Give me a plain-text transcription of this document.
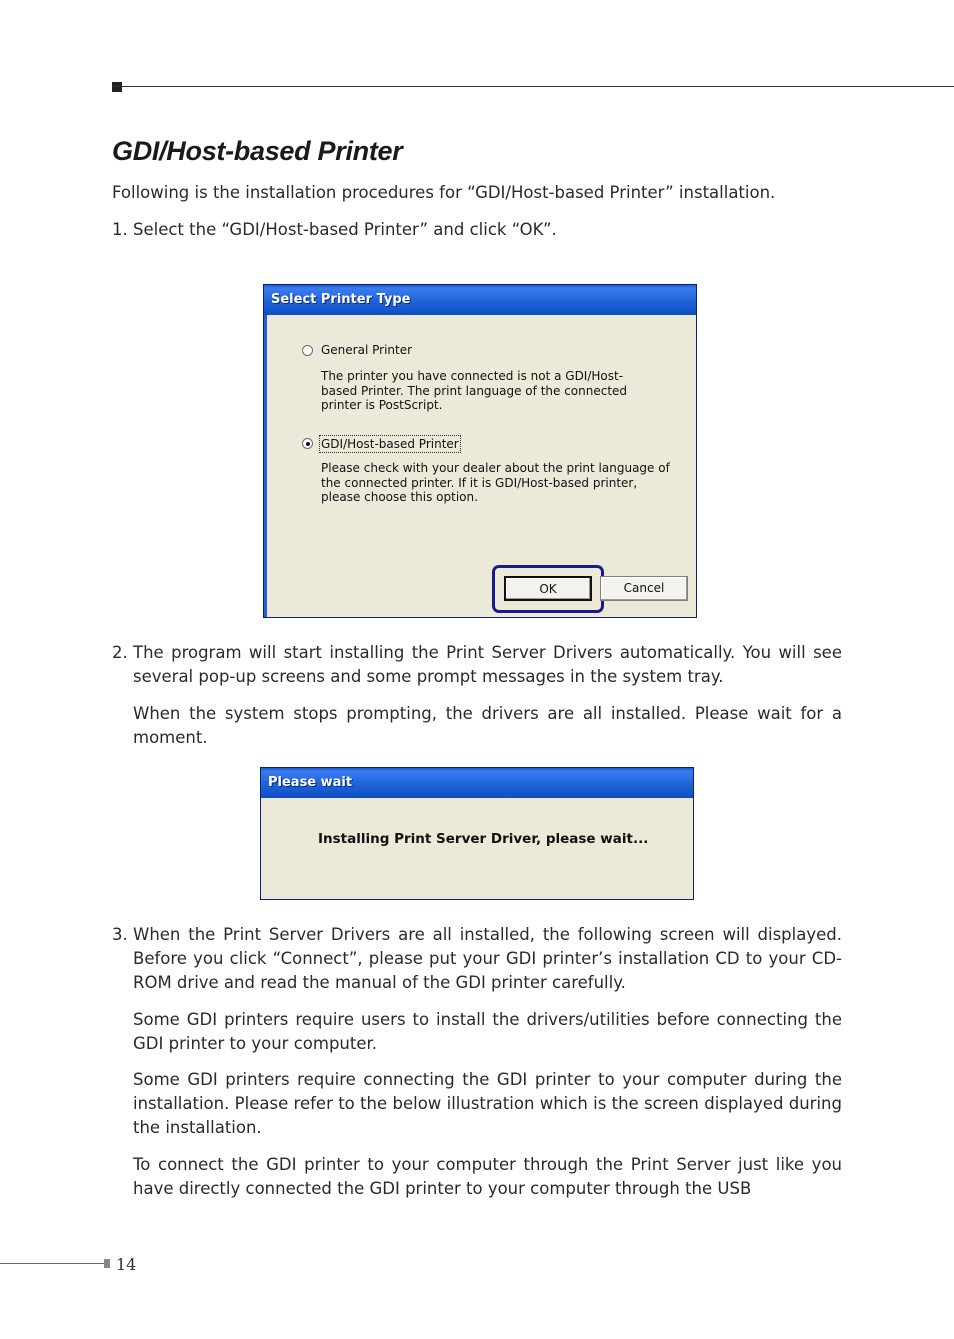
GDI/Host-based Printer

Following is the installation procedures for “GDI/Host-based Printer” installation.

1. Select the “GDI/Host-based Printer” and click “OK”.

Select Printer Type

General Printer

The printer you have connected is not a GDI/Host-based Printer. The print language of the connected printer is PostScript.

GDI/Host-based Printer

Please check with your dealer about the print language of the connected printer. If it is GDI/Host-based printer, please choose this option.

OK	Cancel
2. The program will start installing the Print Server Drivers automatically. You will see several pop-up screens and some prompt messages in the system tray.

When the system stops prompting, the drivers are all installed. Please wait for a moment.

Please wait

Installing Print Server Driver, please wait...

3. When the Print Server Drivers are all installed, the following screen will displayed. Before you click “Connect”, please put your GDI printer’s installation CD to your CD-ROM drive and read the manual of the GDI printer carefully.

Some GDI printers require users to install the drivers/utilities before connecting the GDI printer to your computer.

Some GDI printers require connecting the GDI printer to your computer during the installation. Please refer to the below illustration which is the screen displayed during the installation.

To connect the GDI printer to your computer through the Print Server just like you have directly connected the GDI printer to your computer through the USB

14
